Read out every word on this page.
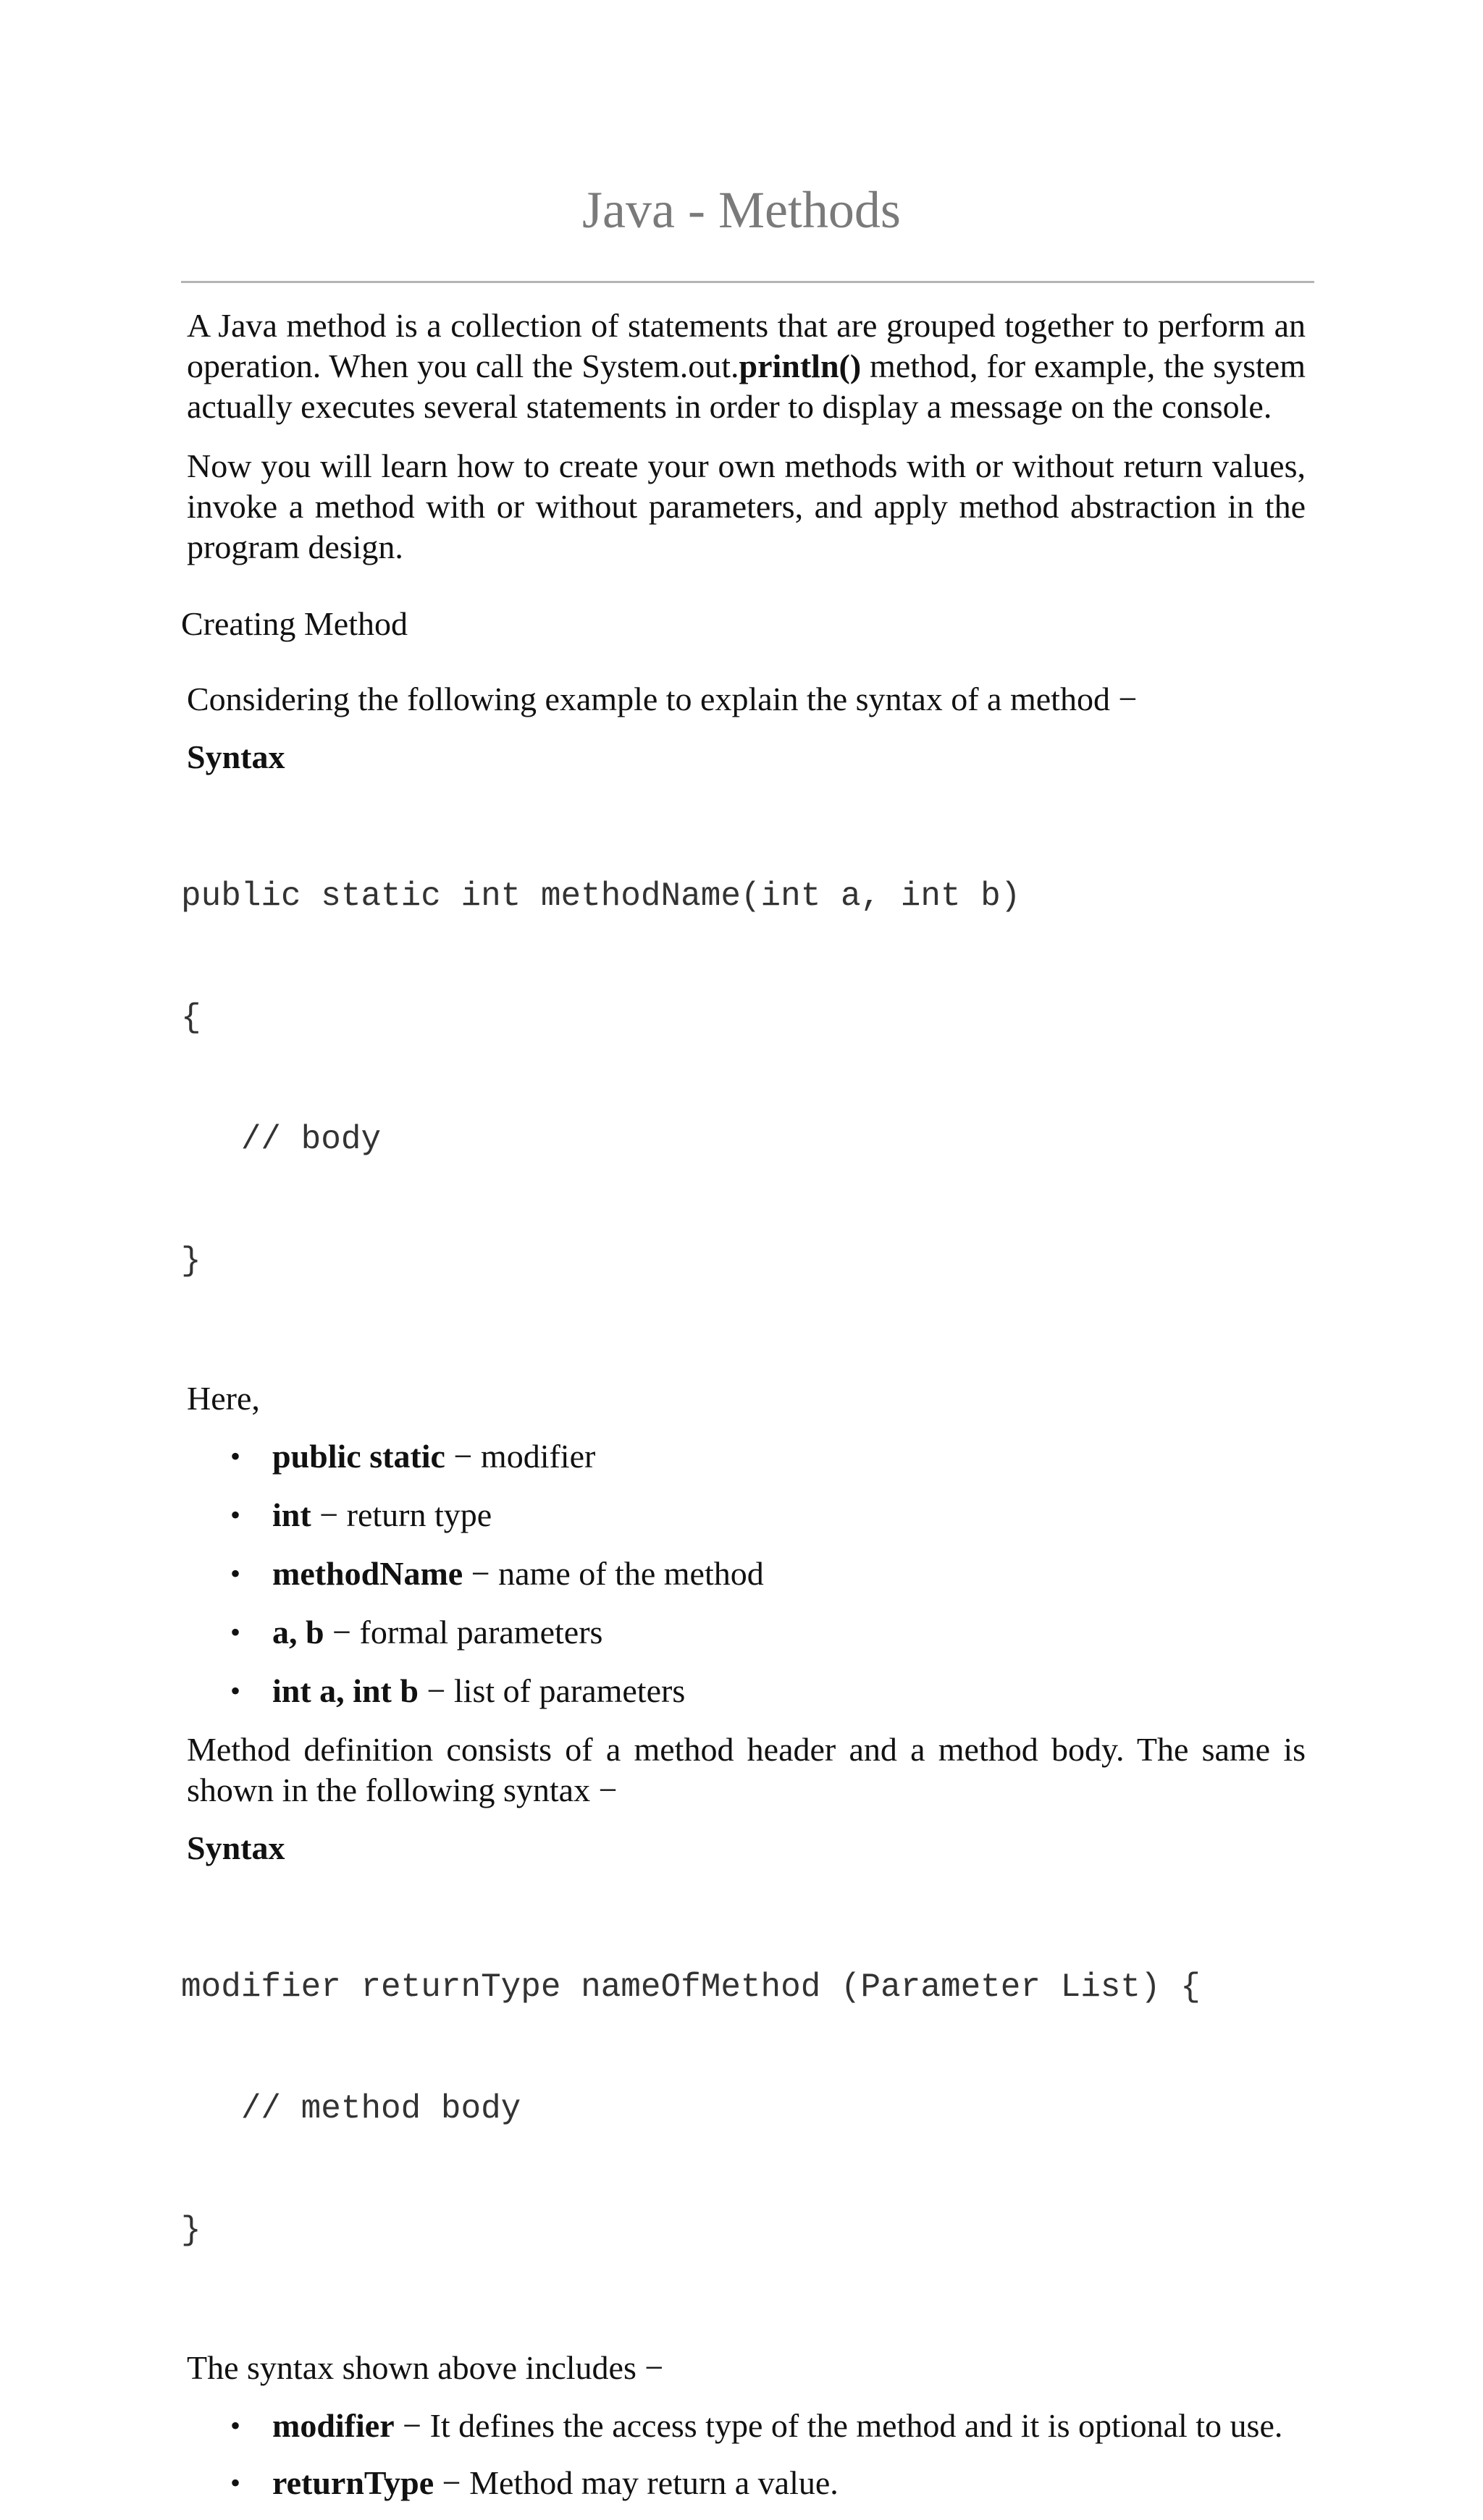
Java - Methods

A Java method is a collection of statements that are grouped together to perform an operation. When you call the System.out.println() method, for example, the system actually executes several statements in order to display a message on the console.

Now you will learn how to create your own methods with or without return values, invoke a method with or without parameters, and apply method abstraction in the program design.

Creating Method

Considering the following example to explain the syntax of a method −

Syntax

public static int methodName(int a, int b)

{

// body

}

Here,

• public static − modifier
• int − return type
• methodName − name of the method
• a, b − formal parameters
• int a, int b − list of parameters

Method definition consists of a method header and a method body. The same is shown in the following syntax −

Syntax

modifier returnType nameOfMethod (Parameter List) {

// method body

}

The syntax shown above includes −

• modifier − It defines the access type of the method and it is optional to use.
• returnType − Method may return a value.
